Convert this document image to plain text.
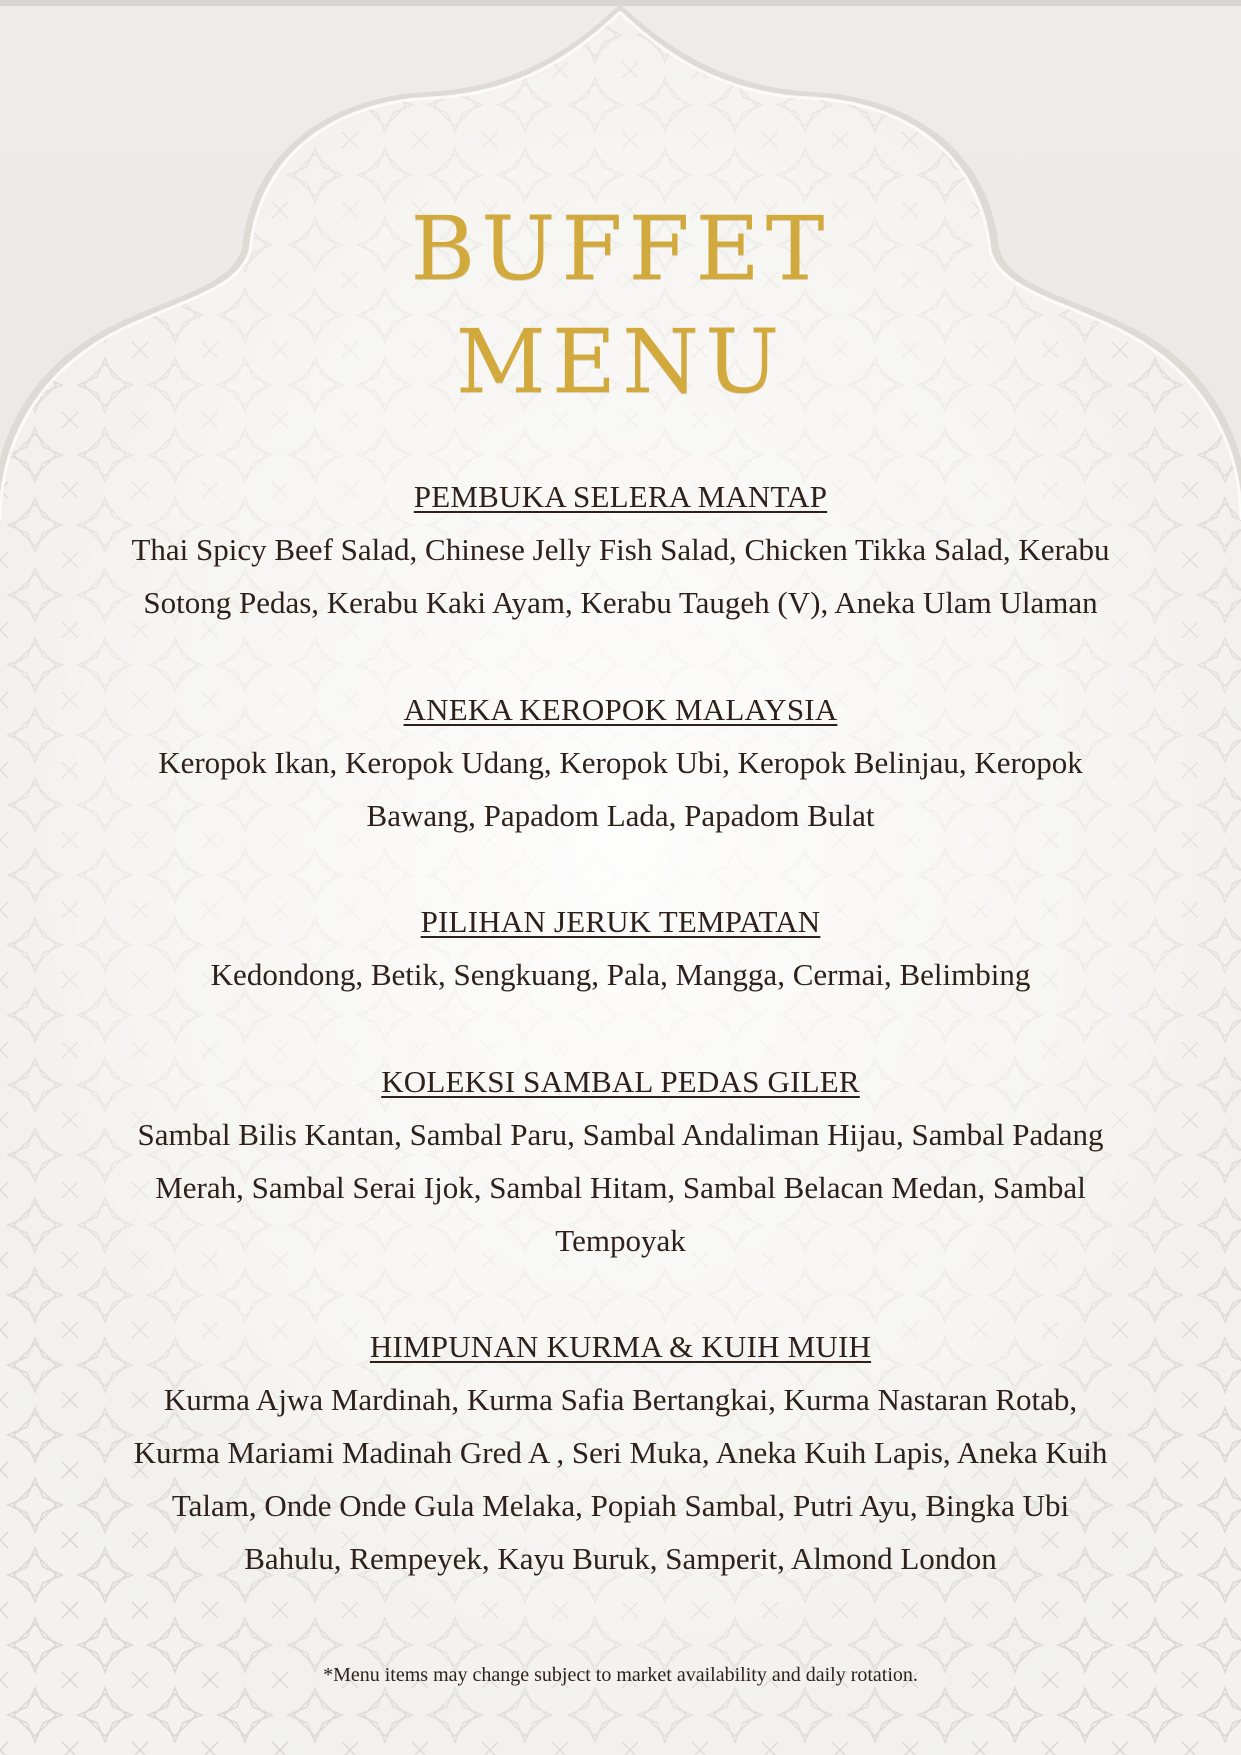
BUFFET
MENU
PEMBUKA SELERA MANTAP

Thai Spicy Beef Salad, Chinese Jelly Fish Salad, Chicken Tikka Salad, Kerabu
Sotong Pedas, Kerabu Kaki Ayam, Kerabu Taugeh (V), Aneka Ulam Ulaman

ANEKA KEROPOK MALAYSIA

Keropok Ikan, Keropok Udang, Keropok Ubi, Keropok Belinjau, Keropok
Bawang, Papadom Lada, Papadom Bulat

PILIHAN JERUK TEMPATAN

Kedondong, Betik, Sengkuang, Pala, Mangga, Cermai, Belimbing

KOLEKSI SAMBAL PEDAS GILER

Sambal Bilis Kantan, Sambal Paru, Sambal Andaliman Hijau, Sambal Padang
Merah, Sambal Serai Ijok, Sambal Hitam, Sambal Belacan Medan, Sambal
Tempoyak

HIMPUNAN KURMA & KUIH MUIH

Kurma Ajwa Mardinah, Kurma Safia Bertangkai, Kurma Nastaran Rotab,
Kurma Mariami Madinah Gred A , Seri Muka, Aneka Kuih Lapis, Aneka Kuih
Talam, Onde Onde Gula Melaka, Popiah Sambal, Putri Ayu, Bingka Ubi
Bahulu, Rempeyek, Kayu Buruk, Samperit, Almond London

*Menu items may change subject to market availability and daily rotation.
